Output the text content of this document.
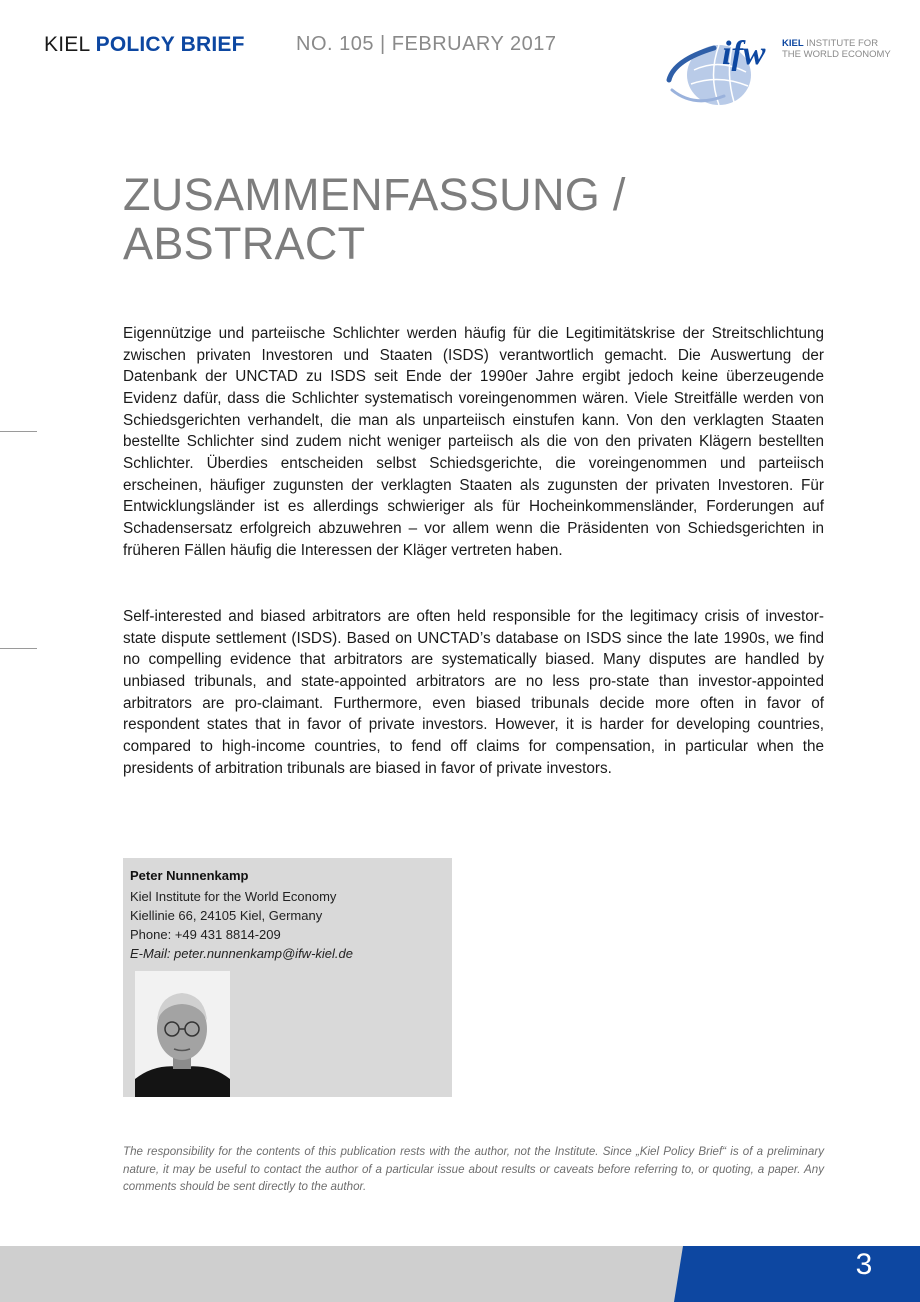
KIEL POLICY BRIEF	NO. 105 | FEBRUARY 2017	ifw KIEL INSTITUTE FOR
THE WORLD ECONOMY
ZUSAMMENFASSUNG /
ABSTRACT

Eigennützige und parteiische Schlichter werden häufig für die Legitimitätskrise der Streitschlichtung zwischen privaten Investoren und Staaten (ISDS) verantwortlich gemacht. Die Auswertung der Datenbank der UNCTAD zu ISDS seit Ende der 1990er Jahre ergibt jedoch keine überzeugende Evidenz dafür, dass die Schlichter systematisch voreingenommen wären. Viele Streitfälle werden von Schiedsgerichten verhandelt, die man als unparteiisch einstufen kann. Von den verklagten Staaten bestellte Schlichter sind zudem nicht weniger parteiisch als die von den privaten Klägern bestellten Schlichter. Überdies entscheiden selbst Schiedsgerichte, die voreingenommen und parteiisch erscheinen, häufiger zugunsten der verklagten Staaten als zugunsten der privaten Investoren. Für Entwicklungsländer ist es allerdings schwieriger als für Hocheinkommensländer, Forderungen auf Schadensersatz erfolgreich abzuwehren – vor allem wenn die Präsidenten von Schiedsgerichten in früheren Fällen häufig die Interessen der Kläger vertreten haben.

Self-interested and biased arbitrators are often held responsible for the legitimacy crisis of investor-state dispute settlement (ISDS). Based on UNCTAD’s database on ISDS since the late 1990s, we find no compelling evidence that arbitrators are systematically biased. Many disputes are handled by unbiased tribunals, and state-appointed arbitrators are no less pro-state than investor-appointed arbitrators are pro-claimant. Furthermore, even biased tribunals decide more often in favor of respondent states that in favor of private investors. However, it is harder for developing countries, compared to high-income countries, to fend off claims for compensation, in particular when the presidents of arbitration tribunals are biased in favor of private investors.

Peter Nunnenkamp
Kiel Institute for the World Economy
Kiellinie 66, 24105 Kiel, Germany
Phone: +49 431 8814-209
E-Mail: peter.nunnenkamp@ifw-kiel.de

The responsibility for the contents of this publication rests with the author, not the Institute. Since „Kiel Policy Brief“ is of a preliminary nature, it may be useful to contact the author of a particular issue about results or caveats before referring to, or quoting, a paper. Any comments should be sent directly to the author.

3
